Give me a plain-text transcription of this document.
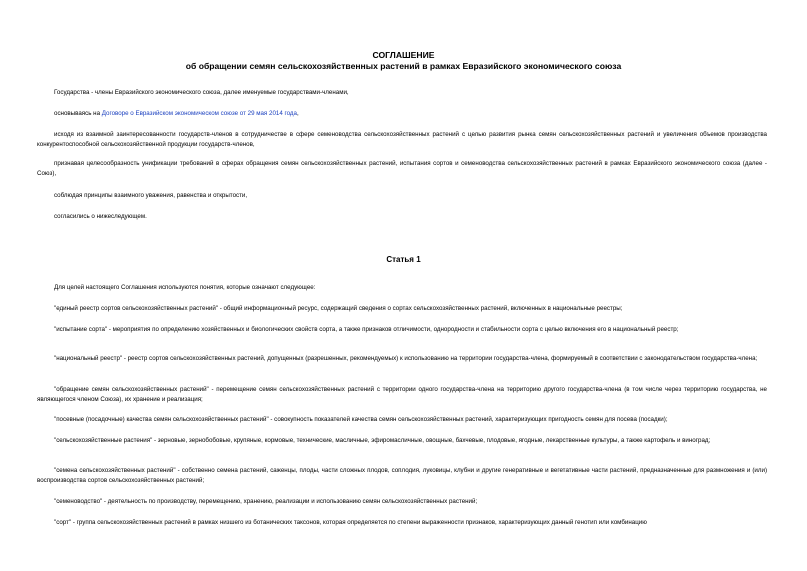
СОГЛАШЕНИЕ
об обращении семян сельскохозяйственных растений в рамках Евразийского экономического союза
Государства - члены Евразийского экономического союза, далее именуемые государствами-членами,
основываясь на Договоре о Евразийском экономическом союзе от 29 мая 2014 года,
исходя из взаимной заинтересованности государств-членов в сотрудничестве в сфере семеноводства сельскохозяйственных растений с целью развития рынка семян сельскохозяйственных растений и увеличения объемов производства конкурентоспособной сельскохозяйственной продукции государств-членов,
признавая целесообразность унификации требований в сферах обращения семян сельскохозяйственных растений, испытания сортов и семеноводства сельскохозяйственных растений в рамках Евразийского экономического союза (далее - Союз),
соблюдая принципы взаимного уважения, равенства и открытости,
согласились о нижеследующем.
Статья 1
Для целей настоящего Соглашения используются понятия, которые означают следующее:
"единый реестр сортов сельскохозяйственных растений" - общий информационный ресурс, содержащий сведения о сортах сельскохозяйственных растений, включенных в национальные реестры;
"испытание сорта" - мероприятия по определению хозяйственных и биологических свойств сорта, а также признаков отличимости, однородности и стабильности сорта с целью включения его в национальный реестр;
"национальный реестр" - реестр сортов сельскохозяйственных растений, допущенных (разрешенных, рекомендуемых) к использованию на территории государства-члена, формируемый в соответствии с законодательством государства-члена;
"обращение семян сельскохозяйственных растений" - перемещение семян сельскохозяйственных растений с территории одного государства-члена на территорию другого государства-члена (в том числе через территорию государства, не являющегося членом Союза), их хранение и реализация;
"посевные (посадочные) качества семян сельскохозяйственных растений" - совокупность показателей качества семян сельскохозяйственных растений, характеризующих пригодность семян для посева (посадки);
"сельскохозяйственные растения" - зерновые, зернобобовые, крупяные, кормовые, технические, масличные, эфиромасличные, овощные, бахчевые, плодовые, ягодные, лекарственные культуры, а также картофель и виноград;
"семена сельскохозяйственных растений" - собственно семена растений, саженцы, плоды, части сложных плодов, соплодия, луковицы, клубни и другие генеративные и вегетативные части растений, предназначенные для размножения и (или) воспроизводства сортов сельскохозяйственных растений;
"семеноводство" - деятельность по производству, перемещению, хранению, реализации и использованию семян сельскохозяйственных растений;
"сорт" - группа сельскохозяйственных растений в рамках низшего из ботанических таксонов, которая определяется по степени выраженности признаков, характеризующих данный генотип или комбинацию
